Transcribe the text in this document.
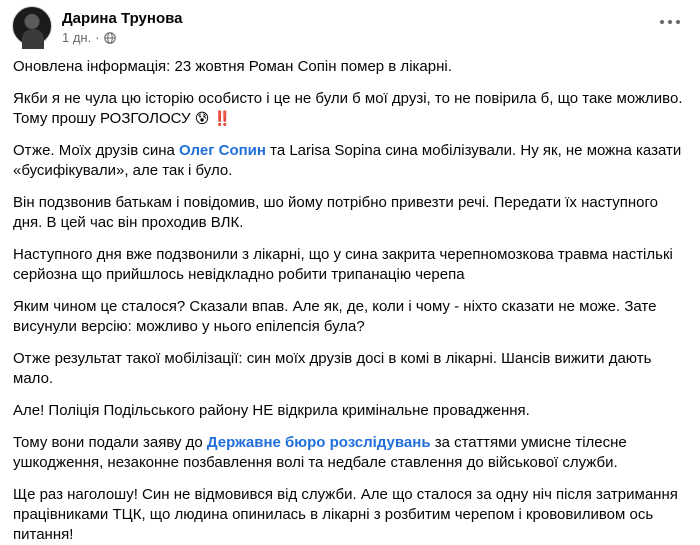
Дарина Трунова
1 дн. ·

Оновлена інформація: 23 жовтня Роман Сопін помер в лікарні.

Якби я не чула цю історію особисто і це не були б мої друзі, то не повірила б, що таке можливо. Тому прошу РОЗГОЛОСУ 😰 ‼️

Отже. Моїх друзів сина Олег Сопин та Larisa Sopina сина мобілізували. Ну як, не можна казати «бусифікували», але так і було.

Він подзвонив батькам і повідомив, шо йому потрібно привезти речі. Передати їх наступного дня. В цей час він проходив ВЛК.

Наступного дня вже подзвонили з лікарні, що у сина закрита черепномозкова травма настількі серйозна що прийшлось невідкладно робити трипанацію черепа

Яким чином це сталося? Сказали впав. Але як, де, коли і чому - ніхто сказати не може. Зате висунули версію: можливо у нього епілепсія була?

Отже результат такої мобілізації: син моїх друзів досі в комі в лікарні. Шансів вижити дають мало.

Але! Поліція Подільського району НЕ відкрила кримінальне провадження.

Тому вони подали заяву до Державне бюро розслідувань за статтями умисне тілесне ушкодження, незаконне позбавлення волі та недбале ставлення до військової служби.

Ще раз наголошу! Син не відмовився від служби. Але що сталося за одну ніч після затримання працівниками ТЦК, що людина опинилась в лікарні з розбитим черепом і крововиливом ось питання!
